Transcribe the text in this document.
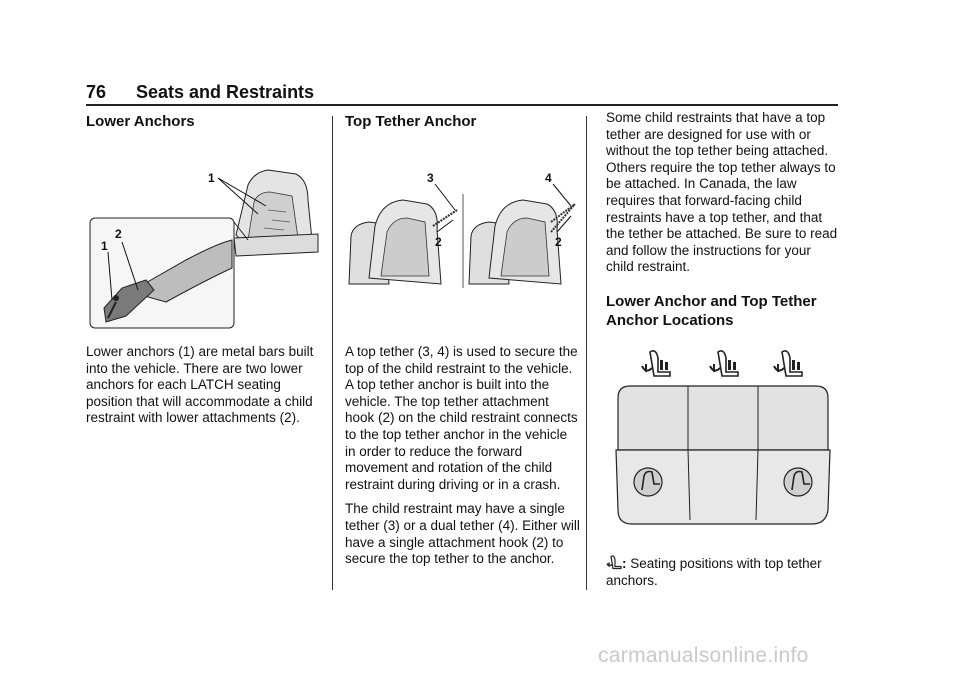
76 Seats and Restraints
Lower Anchors
1
2
1
Lower anchors (1) are metal bars built into the vehicle. There are two lower anchors for each LATCH seating position that will accommodate a child restraint with lower attachments (2).
Top Tether Anchor
3
2
4
2

A top tether (3, 4) is used to secure the top of the child restraint to the vehicle. A top tether anchor is built into the vehicle. The top tether attachment hook (2) on the child restraint connects to the top tether anchor in the vehicle in order to reduce the forward movement and rotation of the child restraint during driving or in a crash.

The child restraint may have a single tether (3) or a dual tether (4). Either will have a single attachment hook (2) to secure the top tether to the anchor.

Some child restraints that have a top tether are designed for use with or without the top tether being attached. Others require the top tether always to be attached. In Canada, the law requires that forward-facing child restraints have a top tether, and that the tether be attached. Be sure to read and follow the instructions for your child restraint.
Lower Anchor and Top Tether Anchor Locations
: Seating positions with top tether anchors.
carmanualsonline.info
